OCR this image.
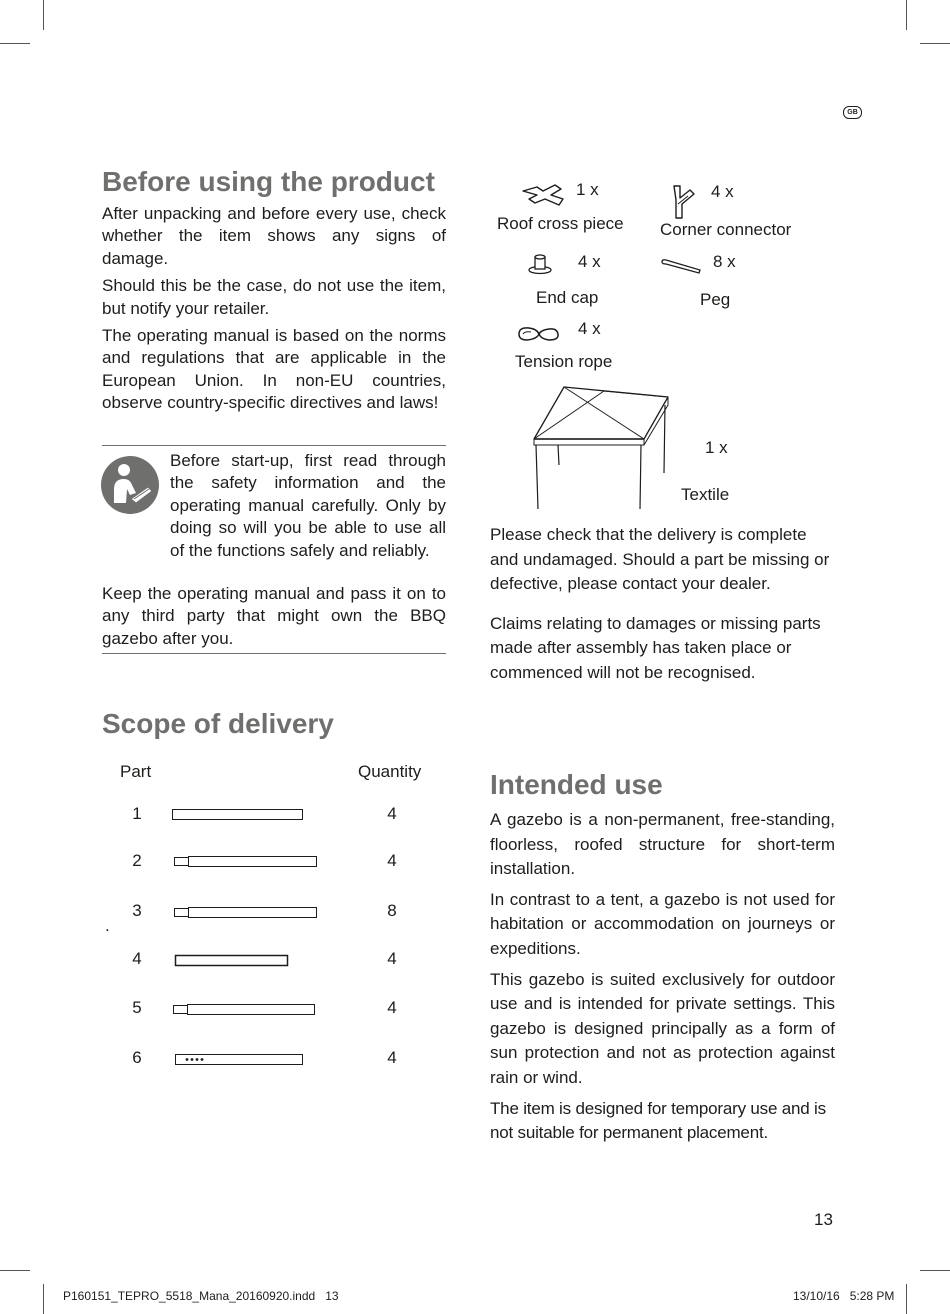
GB
Before using the product

After unpacking and before every use, check whether the item shows any signs of damage.

Should this be the case, do not use the item, but notify your retailer.

The operating manual is based on the norms and regulations that are applicable in the European Union. In non-EU countries, observe country-specific directives and laws!

Before start-up, first read through the safety information and the operating manual carefully. Only by doing so will you be able to use all of the functions safely and reliably.

Keep the operating manual and pass it on to any third party that might own the BBQ gazebo after you.

Scope of delivery
Part	Quantity
1	4
2	4
.
3	8
4	4
5	4
6	4
1 x
Roof cross piece
4 x
Corner connector
4 x
End cap
8 x
Peg
4 x
Tension rope
1 x
Textile

Please check that the delivery is complete and undamaged. Should a part be missing or defective, please contact your dealer.

Claims relating to damages or missing parts made after assembly has taken place or commenced will not be recognised.

Intended use

A gazebo is a non-permanent, free-standing, floorless, roofed structure for short-term installation.

In contrast to a tent, a gazebo is not used for habitation or accommodation on journeys or expeditions.

This gazebo is suited exclusively for outdoor use and is intended for private settings. This gazebo is designed principally as a form of sun protection and not as protection against rain or wind.

The item is designed for temporary use and is not suitable for permanent placement.

13
P160151_TEPRO_5518_Mana_20160920.indd   13	13/10/16   5:28 PM
